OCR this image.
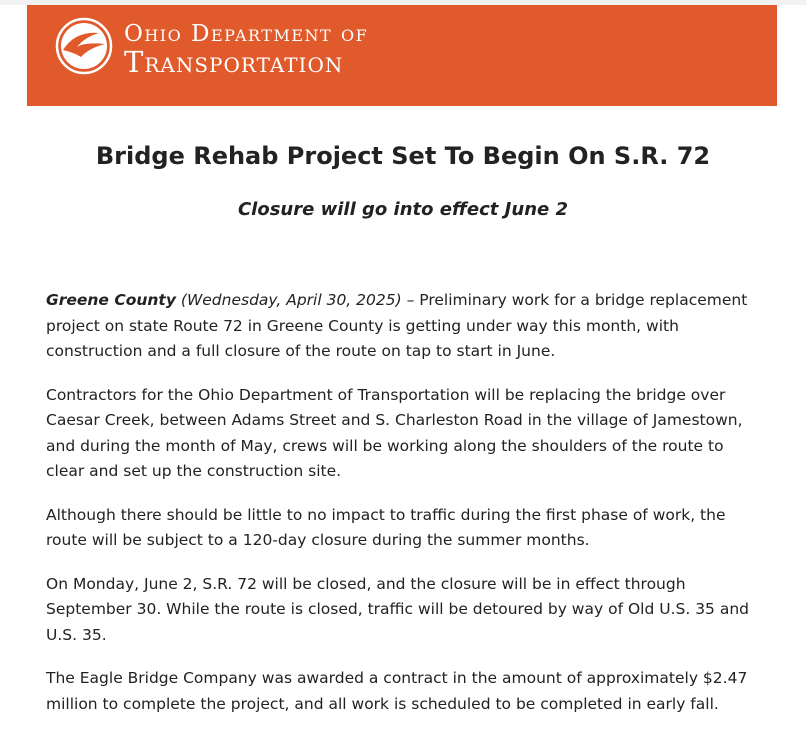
Ohio Department of
Transportation
Bridge Rehab Project Set To Begin On S.R. 72
Closure will go into effect June 2

Greene County (Wednesday, April 30, 2025) – Preliminary work for a bridge replacement project on state Route 72 in Greene County is getting under way this month, with construction and a full closure of the route on tap to start in June.

Contractors for the Ohio Department of Transportation will be replacing the bridge over Caesar Creek, between Adams Street and S. Charleston Road in the village of Jamestown, and during the month of May, crews will be working along the shoulders of the route to clear and set up the construction site.

Although there should be little to no impact to traffic during the first phase of work, the route will be subject to a 120-day closure during the summer months.

On Monday, June 2, S.R. 72 will be closed, and the closure will be in effect through September 30. While the route is closed, traffic will be detoured by way of Old U.S. 35 and U.S. 35.

The Eagle Bridge Company was awarded a contract in the amount of approximately $2.47 million to complete the project, and all work is scheduled to be completed in early fall.
